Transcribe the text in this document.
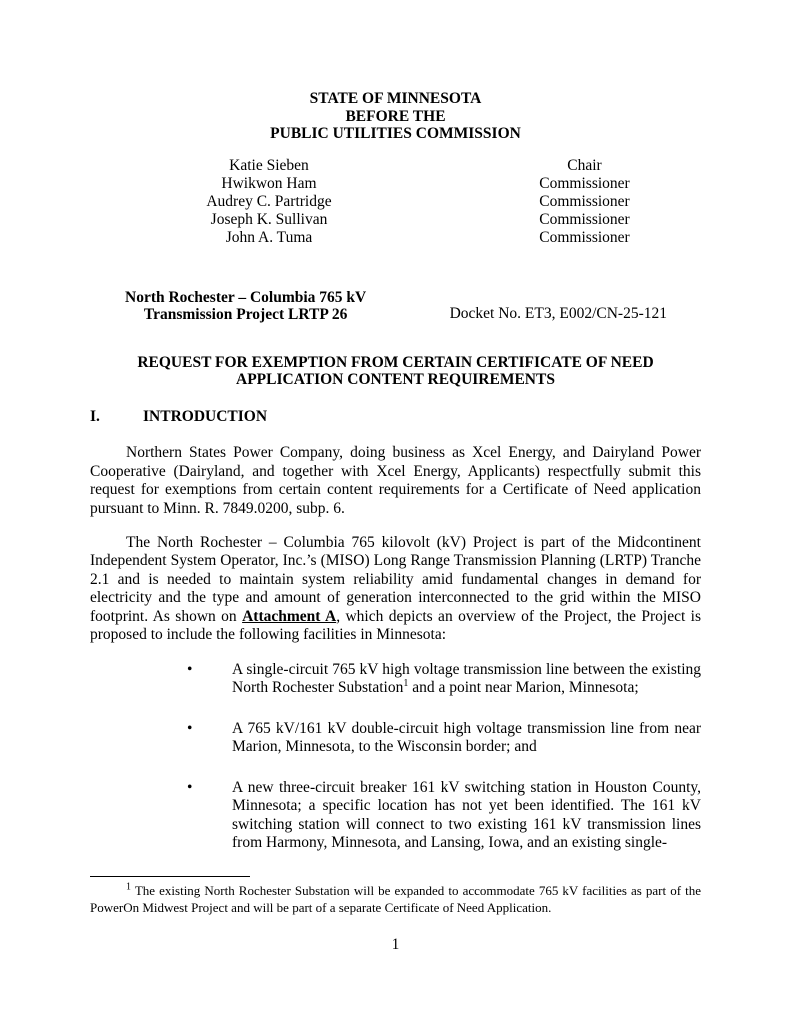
STATE OF MINNESOTA
BEFORE THE
PUBLIC UTILITIES COMMISSION
Katie Sieben	Chair
Hwikwon Ham	Commissioner
Audrey C. Partridge	Commissioner
Joseph K. Sullivan	Commissioner
John A. Tuma	Commissioner
North Rochester – Columbia 765 kV
Transmission Project LRTP 26	Docket No. ET3, E002/CN-25-121
REQUEST FOR EXEMPTION FROM CERTAIN CERTIFICATE OF NEED
APPLICATION CONTENT REQUIREMENTS
I.	INTRODUCTION

Northern States Power Company, doing business as Xcel Energy, and Dairyland Power Cooperative (Dairyland, and together with Xcel Energy, Applicants) respectfully submit this request for exemptions from certain content requirements for a Certificate of Need application pursuant to Minn. R. 7849.0200, subp. 6.

The North Rochester – Columbia 765 kilovolt (kV) Project is part of the Midcontinent Independent System Operator, Inc.’s (MISO) Long Range Transmission Planning (LRTP) Tranche 2.1 and is needed to maintain system reliability amid fundamental changes in demand for electricity and the type and amount of generation interconnected to the grid within the MISO footprint. As shown on Attachment A, which depicts an overview of the Project, the Project is proposed to include the following facilities in Minnesota:

•	A single-circuit 765 kV high voltage transmission line between the existing North Rochester Substation$^1$ and a point near Marion, Minnesota;
•	A 765 kV/161 kV double-circuit high voltage transmission line from near Marion, Minnesota, to the Wisconsin border; and
•	A new three-circuit breaker 161 kV switching station in Houston County, Minnesota; a specific location has not yet been identified. The 161 kV switching station will connect to two existing 161 kV transmission lines from Harmony, Minnesota, and Lansing, Iowa, and an existing single-

$^1$ The existing North Rochester Substation will be expanded to accommodate 765 kV facilities as part of the PowerOn Midwest Project and will be part of a separate Certificate of Need Application.

1
